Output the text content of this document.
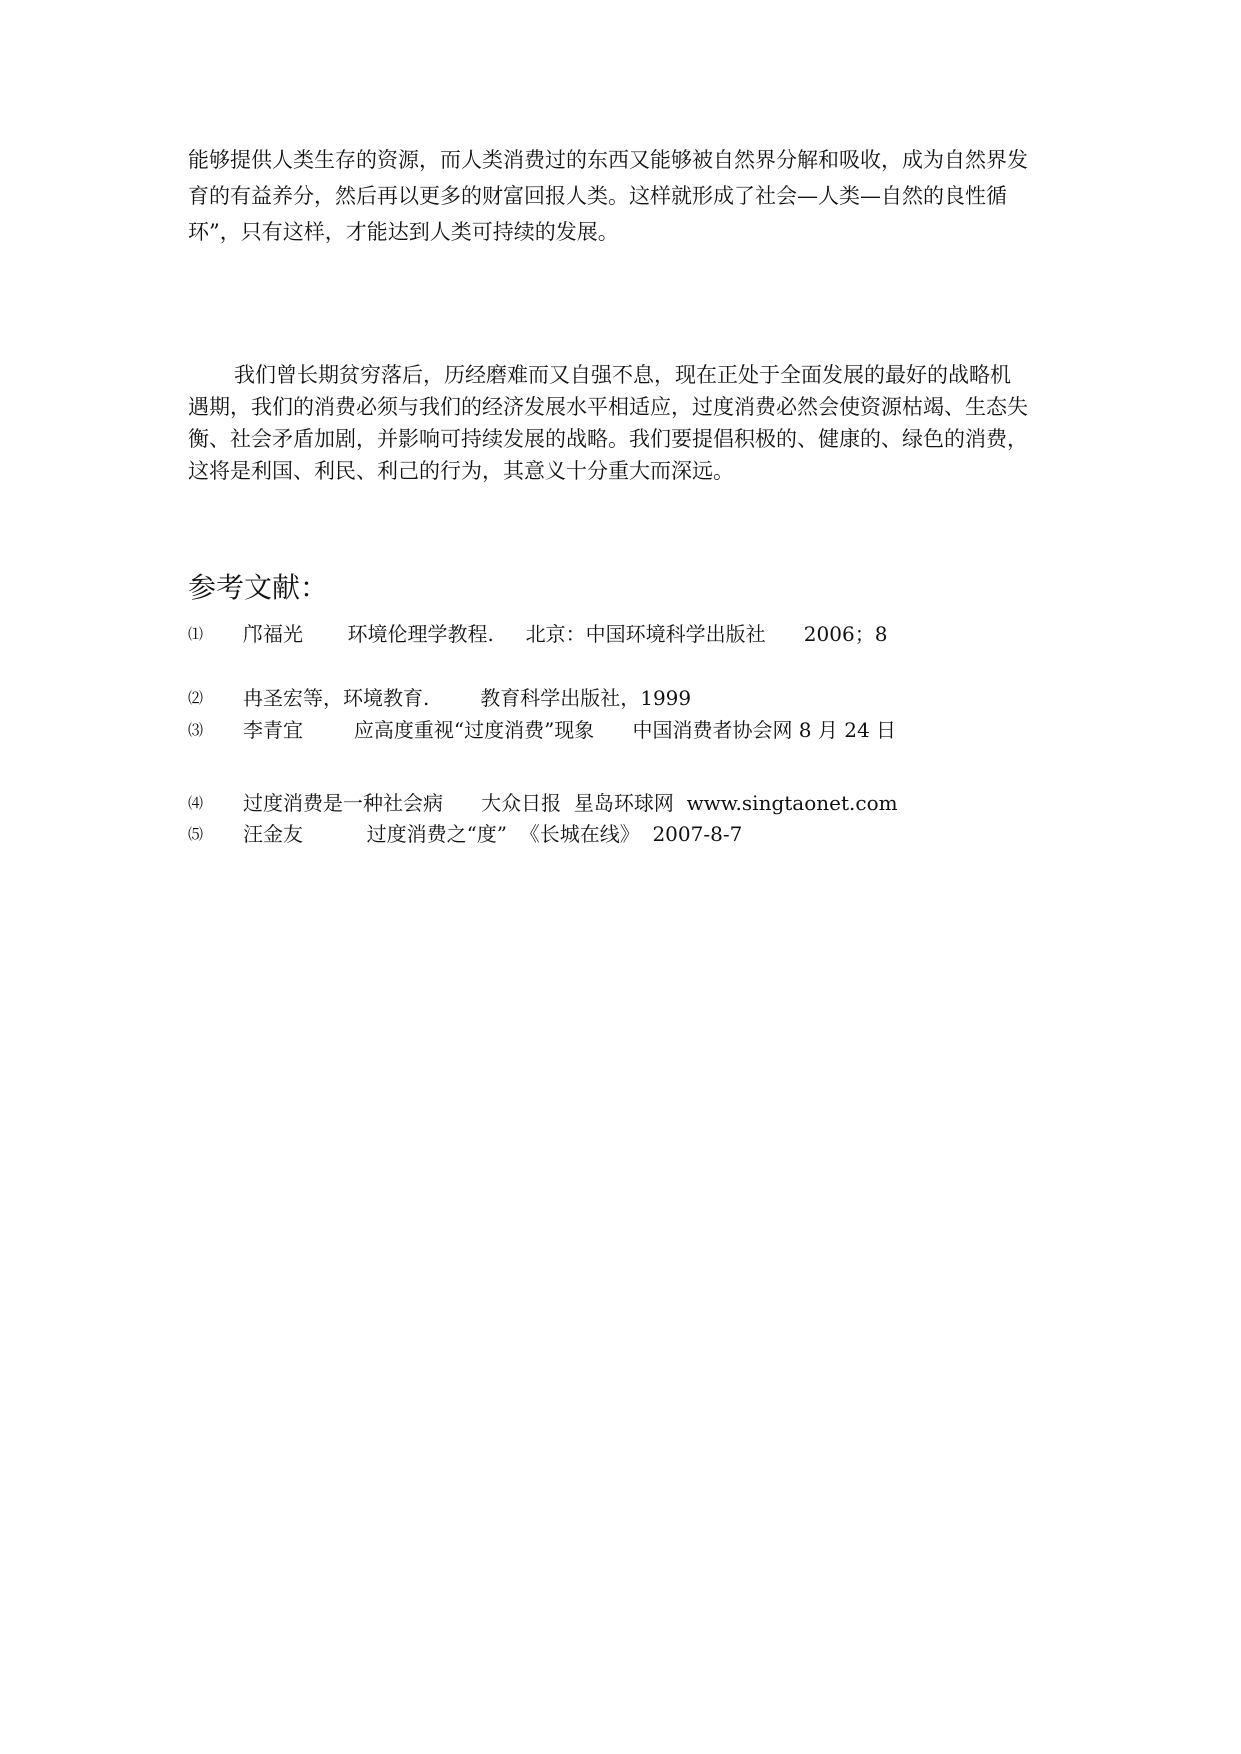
能够提供人类生存的资源，而人类消费过的东西又能够被自然界分解和吸收，成为自然界发
育的有益养分，然后再以更多的财富回报人类。这样就形成了社会—人类—自然的良性循
环”，只有这样，才能达到人类可持续的发展。
我们曾长期贫穷落后，历经磨难而又自强不息，现在正处于全面发展的最好的战略机
遇期，我们的消费必须与我们的经济发展水平相适应，过度消费必然会使资源枯竭、生态失
衡、社会矛盾加剧，并影响可持续发展的战略。我们要提倡积极的、健康的、绿色的消费，
这将是利国、利民、利己的行为，其意义十分重大而深远。
参考文献：
⑴ 邝福光       环境伦理学教程.     北京：中国环境科学出版社      2006；8
⑵ 冉圣宏等，环境教育.        教育科学出版社，1999
⑶ 李青宜        应高度重视“过度消费”现象      中国消费者协会网 8 月 24 日
⑷ 过度消费是一种社会病      大众日报  星岛环球网  www.singtaonet.com
⑸ 汪金友          过度消费之“度”  《长城在线》  2007-8-7
